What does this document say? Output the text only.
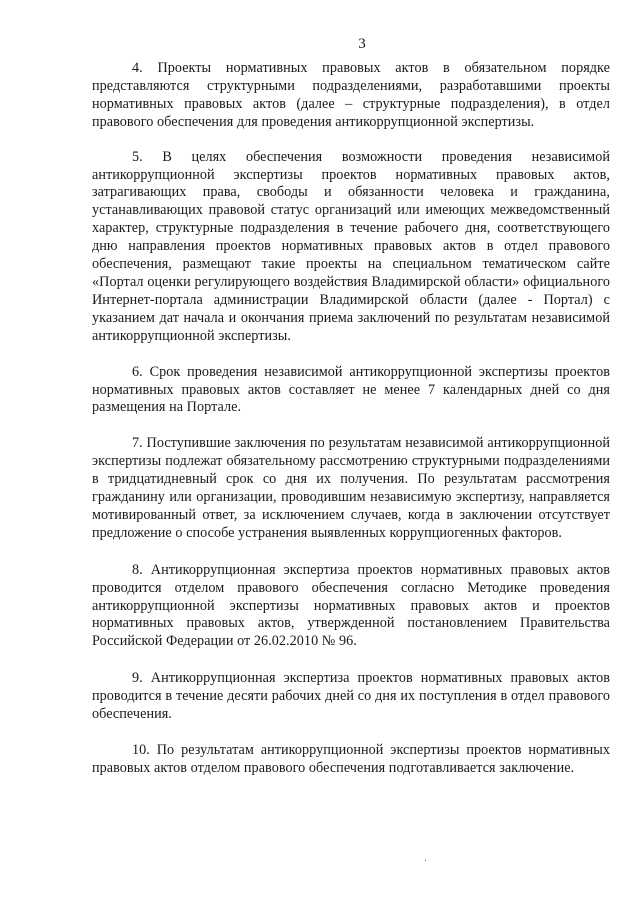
3

4. Проекты нормативных правовых актов в обязательном порядке представляются структурными подразделениями, разработавшими проекты нормативных правовых актов (далее – структурные подразделения), в отдел правового обеспечения для проведения антикоррупционной экспертизы.

5. В целях обеспечения возможности проведения независимой антикоррупционной экспертизы проектов нормативных правовых актов, затрагивающих права, свободы и обязанности человека и гражданина, устанавливающих правовой статус организаций или имеющих межведомственный характер, структурные подразделения в течение рабочего дня, соответствующего дню направления проектов нормативных правовых актов в отдел правового обеспечения, размещают такие проекты на специальном тематическом сайте «Портал оценки регулирующего воздействия Владимирской области» официального Интернет-портала администрации Владимирской области (далее - Портал) с указанием дат начала и окончания приема заключений по результатам независимой антикоррупционной экспертизы.

6. Срок проведения независимой антикоррупционной экспертизы проектов нормативных правовых актов составляет не менее 7 календарных дней со дня размещения на Портале.

7. Поступившие заключения по результатам независимой антикоррупционной экспертизы подлежат обязательному рассмотрению структурными подразделениями в тридцатидневный срок со дня их получения. По результатам рассмотрения гражданину или организации, проводившим независимую экспертизу, направляется мотивированный ответ, за исключением случаев, когда в заключении отсутствует предложение о способе устранения выявленных коррупциогенных факторов.

8. Антикоррупционная экспертиза проектов нормативных правовых актов проводится отделом правового обеспечения согласно Методике проведения антикоррупционной экспертизы нормативных правовых актов и проектов нормативных правовых актов, утвержденной постановлением Правительства Российской Федерации от 26.02.2010 № 96.

9. Антикоррупционная экспертиза проектов нормативных правовых актов проводится в течение десяти рабочих дней со дня их поступления в отдел правового обеспечения.

10. По результатам антикоррупционной экспертизы проектов нормативных правовых актов отделом правового обеспечения подготавливается заключение.
